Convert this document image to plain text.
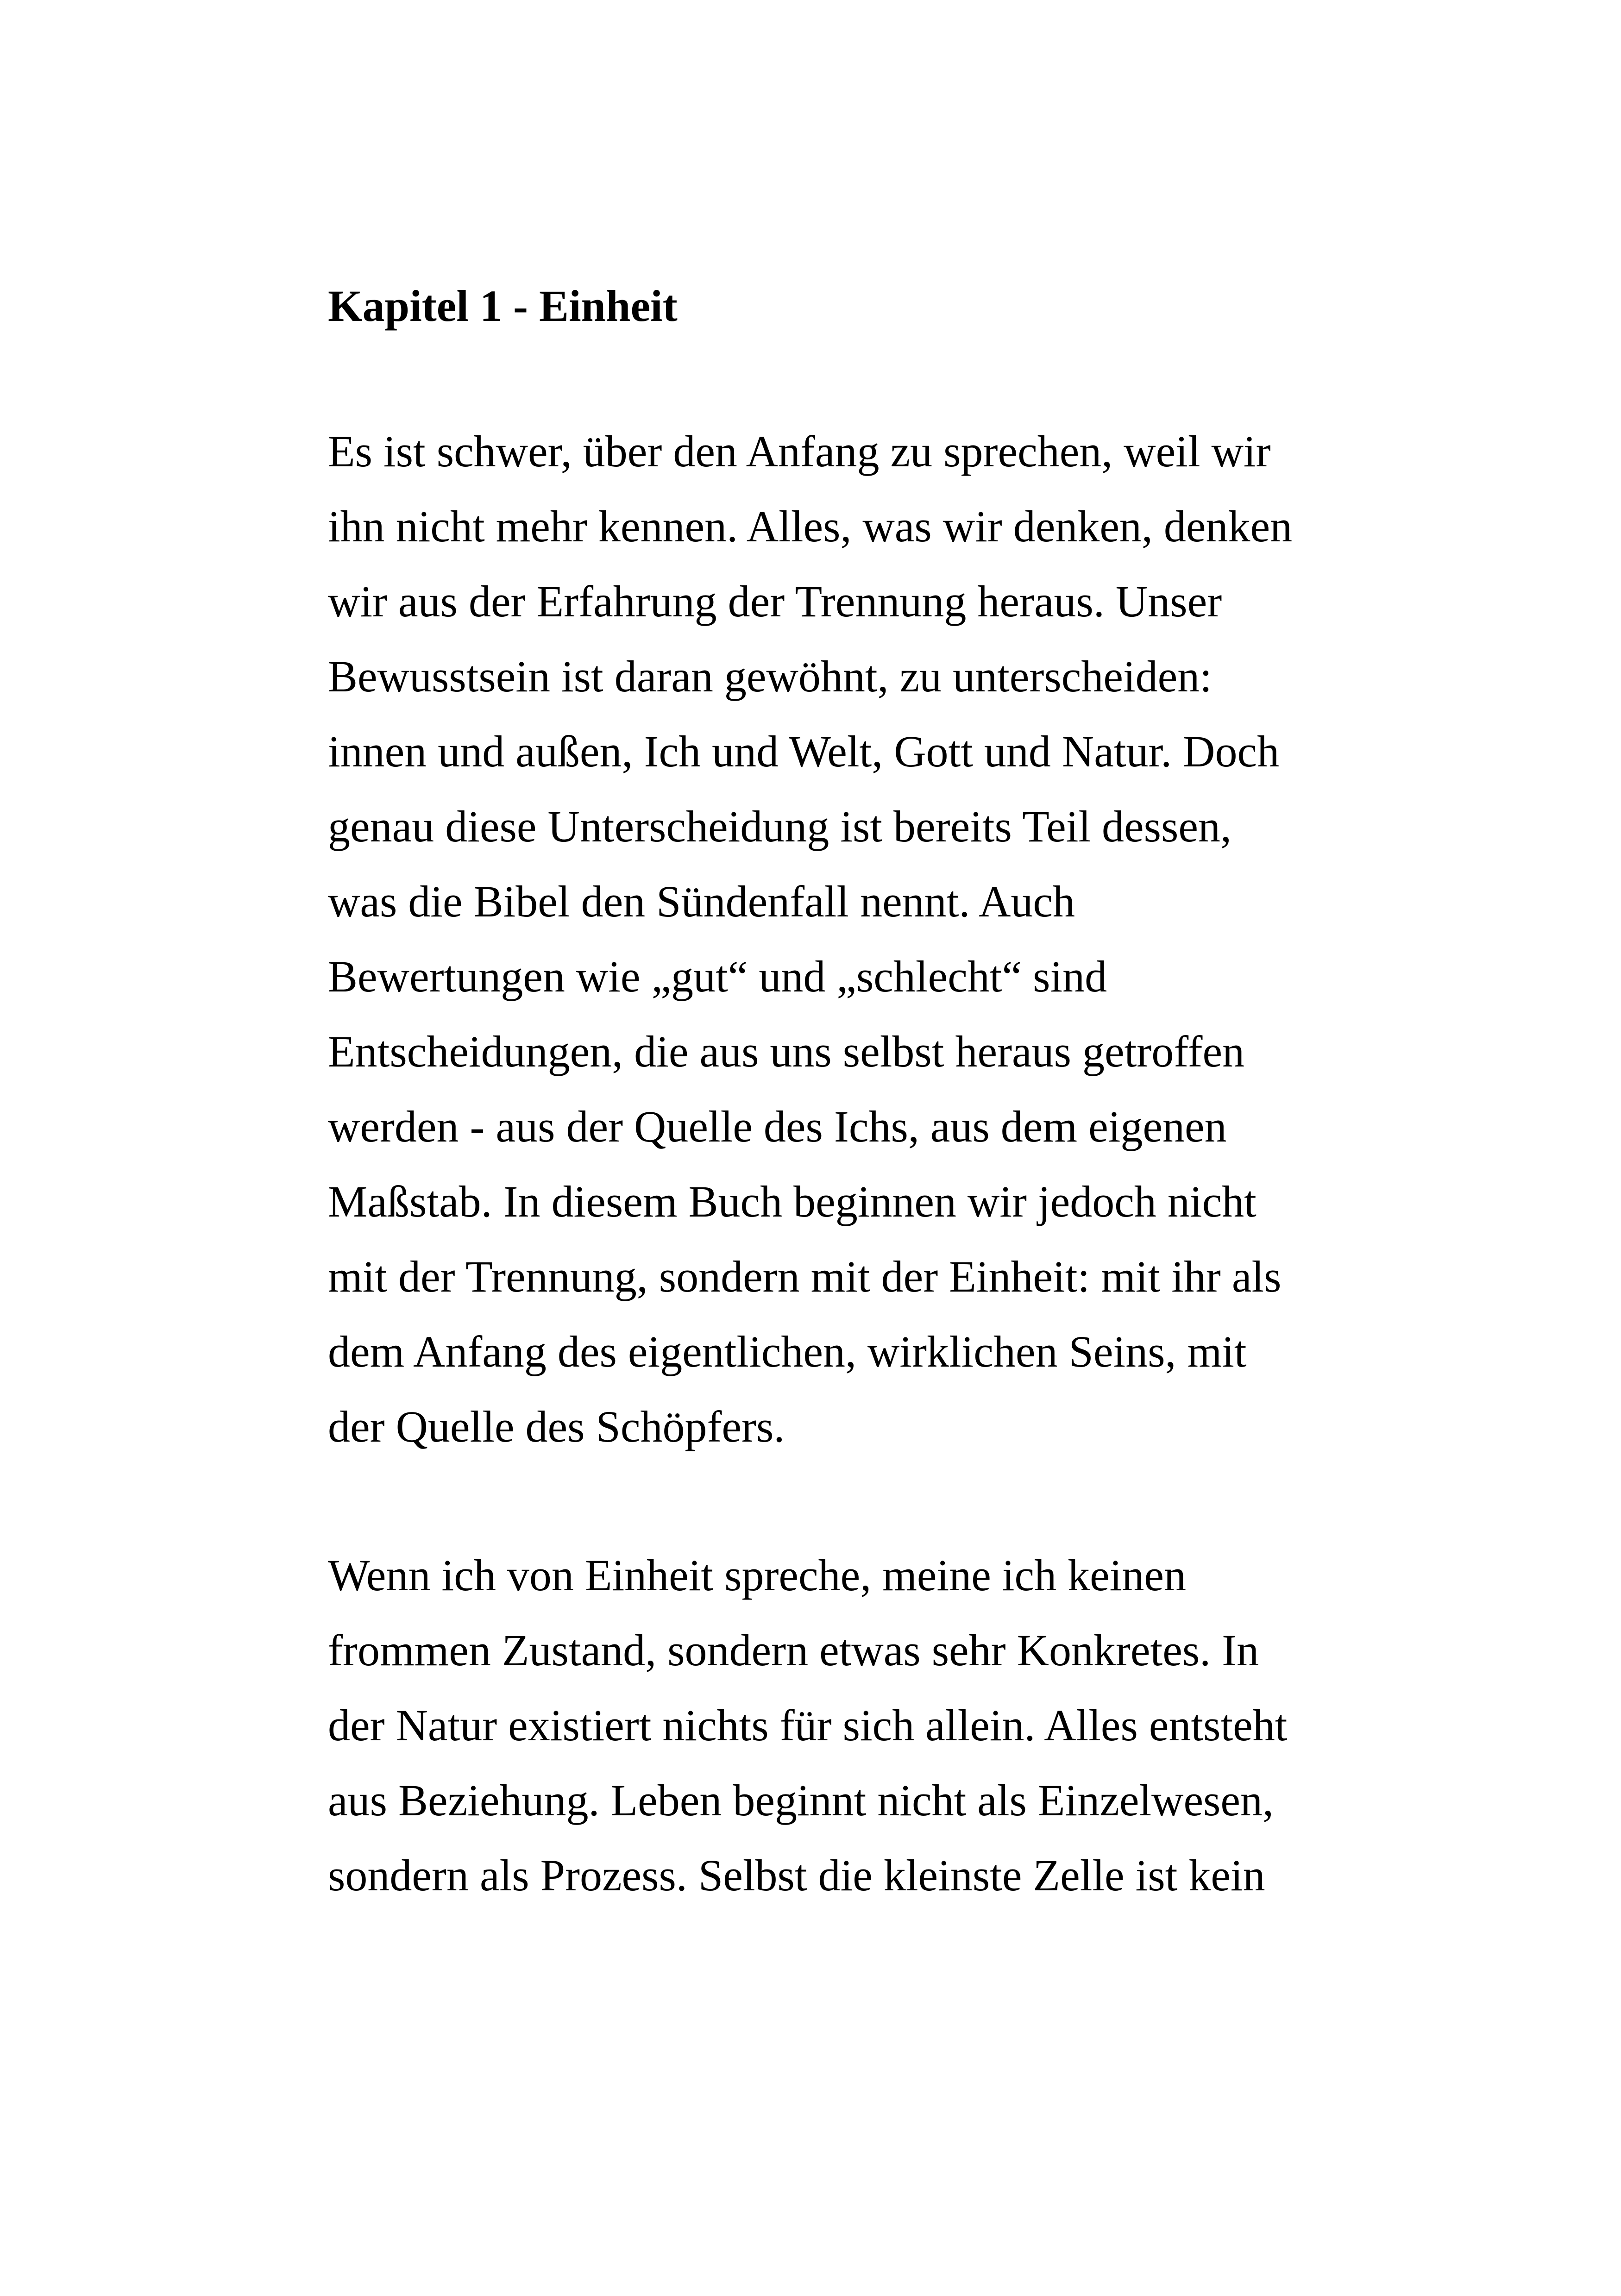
Kapitel 1 - Einheit

Es ist schwer, über den Anfang zu sprechen, weil wir
ihn nicht mehr kennen. Alles, was wir denken, denken
wir aus der Erfahrung der Trennung heraus. Unser
Bewusstsein ist daran gewöhnt, zu unterscheiden:
innen und außen, Ich und Welt, Gott und Natur. Doch
genau diese Unterscheidung ist bereits Teil dessen,
was die Bibel den Sündenfall nennt. Auch
Bewertungen wie „gut“ und „schlecht“ sind
Entscheidungen, die aus uns selbst heraus getroffen
werden - aus der Quelle des Ichs, aus dem eigenen
Maßstab. In diesem Buch beginnen wir jedoch nicht
mit der Trennung, sondern mit der Einheit: mit ihr als
dem Anfang des eigentlichen, wirklichen Seins, mit
der Quelle des Schöpfers.

Wenn ich von Einheit spreche, meine ich keinen
frommen Zustand, sondern etwas sehr Konkretes. In
der Natur existiert nichts für sich allein. Alles entsteht
aus Beziehung. Leben beginnt nicht als Einzelwesen,
sondern als Prozess. Selbst die kleinste Zelle ist kein
